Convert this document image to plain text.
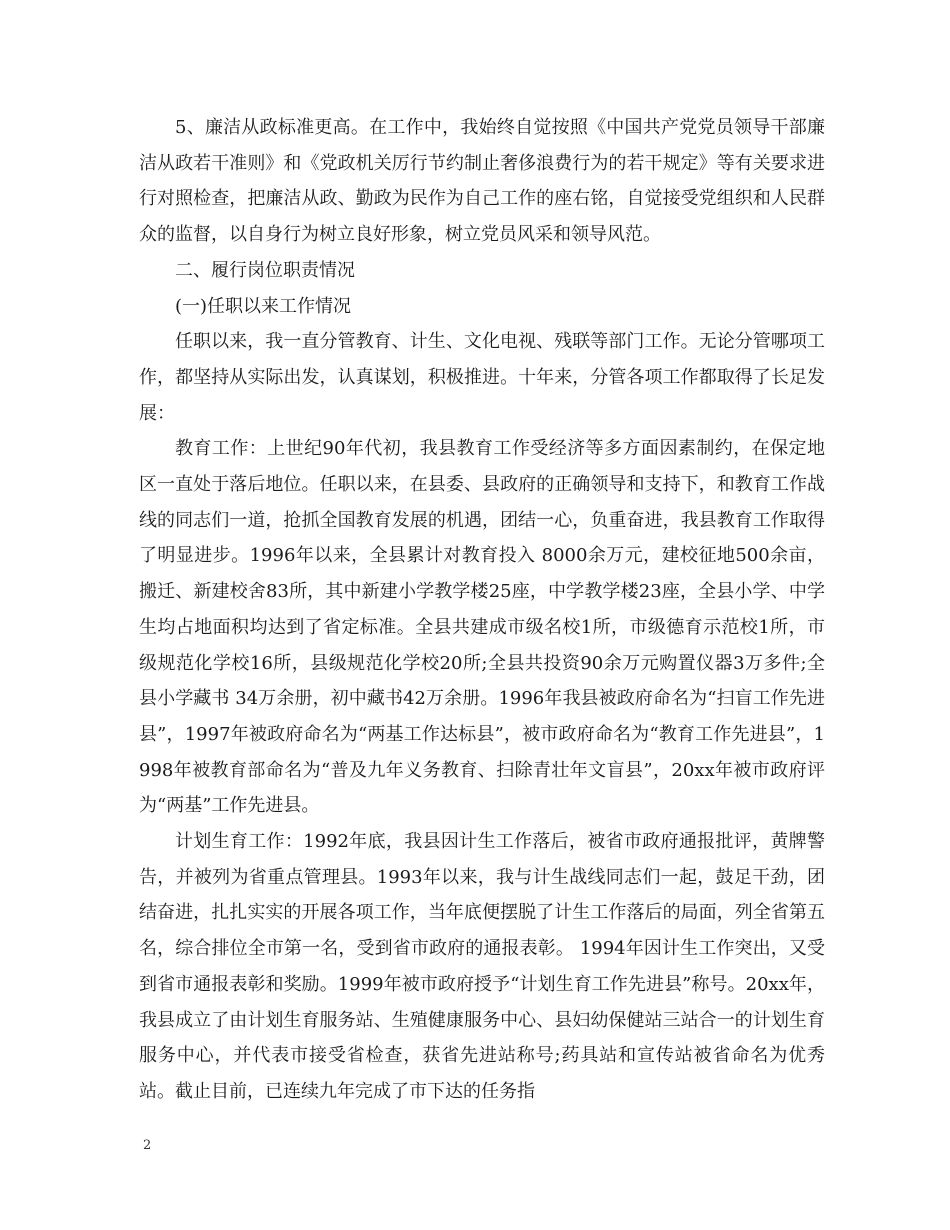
5、廉洁从政标准更高。在工作中，我始终自觉按照《中国共产党党员领导干部廉洁从政若干准则》和《党政机关厉行节约制止奢侈浪费行为的若干规定》等有关要求进行对照检查，把廉洁从政、勤政为民作为自己工作的座右铭，自觉接受党组织和人民群众的监督，以自身行为树立良好形象，树立党员风采和领导风范。

二、履行岗位职责情况

(一)任职以来工作情况

任职以来，我一直分管教育、计生、文化电视、残联等部门工作。无论分管哪项工作，都坚持从实际出发，认真谋划，积极推进。十年来，分管各项工作都取得了长足发展：

教育工作：上世纪90年代初，我县教育工作受经济等多方面因素制约，在保定地区一直处于落后地位。任职以来，在县委、县政府的正确领导和支持下，和教育工作战线的同志们一道，抢抓全国教育发展的机遇，团结一心，负重奋进，我县教育工作取得了明显进步。1996年以来，全县累计对教育投入 8000余万元，建校征地500余亩，搬迁、新建校舍83所，其中新建小学教学楼25座，中学教学楼23座，全县小学、中学生均占地面积均达到了省定标准。全县共建成市级名校1所，市级德育示范校1所，市级规范化学校16所，县级规范化学校20所;全县共投资90余万元购置仪器3万多件;全县小学藏书 34万余册，初中藏书42万余册。1996年我县被政府命名为“扫盲工作先进县”，1997年被政府命名为“两基工作达标县”，被市政府命名为“教育工作先进县”，1998年被教育部命名为“普及九年义务教育、扫除青壮年文盲县”，20xx年被市政府评为“两基”工作先进县。

计划生育工作：1992年底，我县因计生工作落后，被省市政府通报批评，黄牌警告，并被列为省重点管理县。1993年以来，我与计生战线同志们一起，鼓足干劲，团结奋进，扎扎实实的开展各项工作，当年底便摆脱了计生工作落后的局面，列全省第五名，综合排位全市第一名，受到省市政府的通报表彰。 1994年因计生工作突出，又受到省市通报表彰和奖励。1999年被市政府授予“计划生育工作先进县”称号。20xx年，我县成立了由计划生育服务站、生殖健康服务中心、县妇幼保健站三站合一的计划生育服务中心，并代表市接受省检查，获省先进站称号;药具站和宣传站被省命名为优秀站。截止目前，已连续九年完成了市下达的任务指

2
